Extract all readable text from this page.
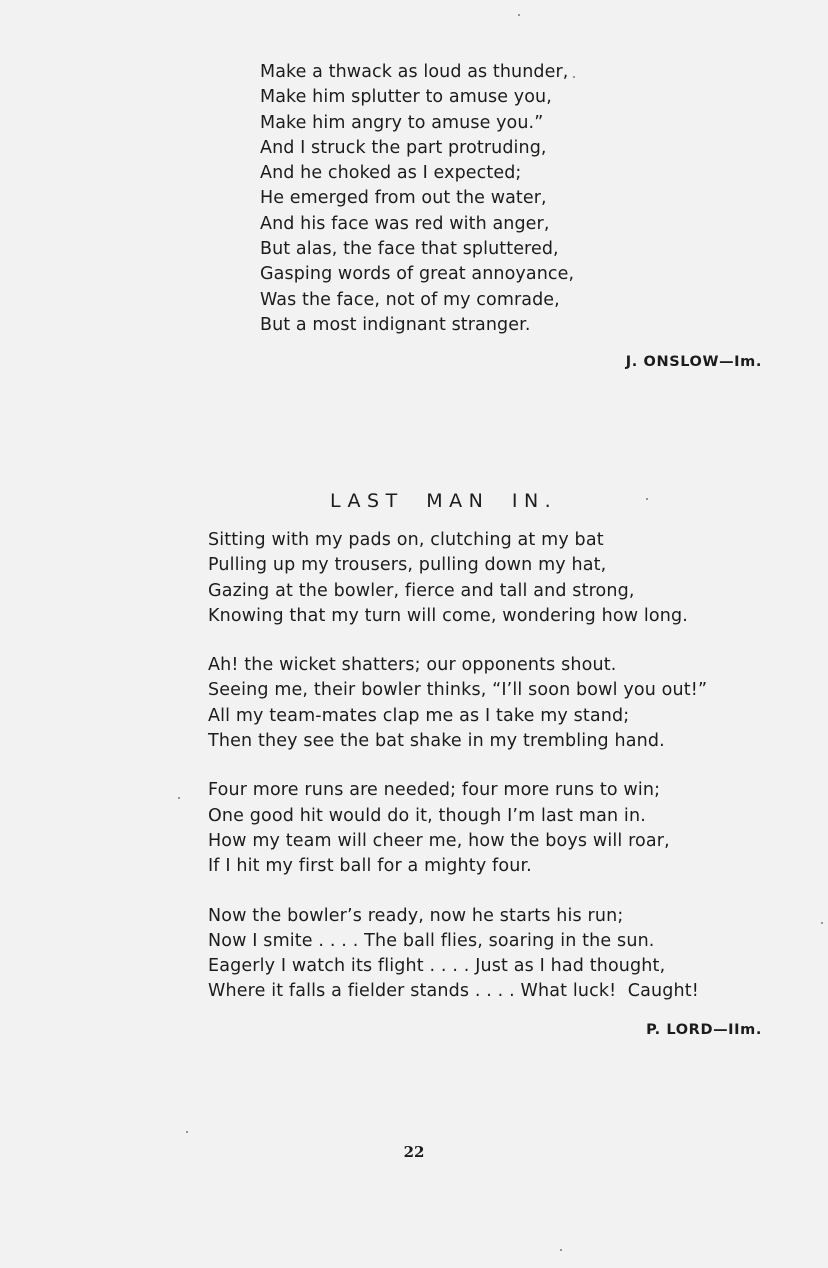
Make a thwack as loud as thunder,
Make him splutter to amuse you,
Make him angry to amuse you.”
And I struck the part protruding,
And he choked as I expected;
He emerged from out the water,
And his face was red with anger,
But alas, the face that spluttered,
Gasping words of great annoyance,
Was the face, not of my comrade,
But a most indignant stranger.
J. ONSLOW—Im.
LAST MAN IN.
Sitting with my pads on, clutching at my bat
Pulling up my trousers, pulling down my hat,
Gazing at the bowler, fierce and tall and strong,
Knowing that my turn will come, wondering how long.
Ah! the wicket shatters; our opponents shout.
Seeing me, their bowler thinks, “I’ll soon bowl you out!”
All my team-mates clap me as I take my stand;
Then they see the bat shake in my trembling hand.
Four more runs are needed; four more runs to win;
One good hit would do it, though I’m last man in.
How my team will cheer me, how the boys will roar,
If I hit my first ball for a mighty four.
Now the bowler’s ready, now he starts his run;
Now I smite . . . . The ball flies, soaring in the sun.
Eagerly I watch its flight . . . . Just as I had thought,
Where it falls a fielder stands . . . . What luck!  Caught!
P. LORD—IIm.
22
